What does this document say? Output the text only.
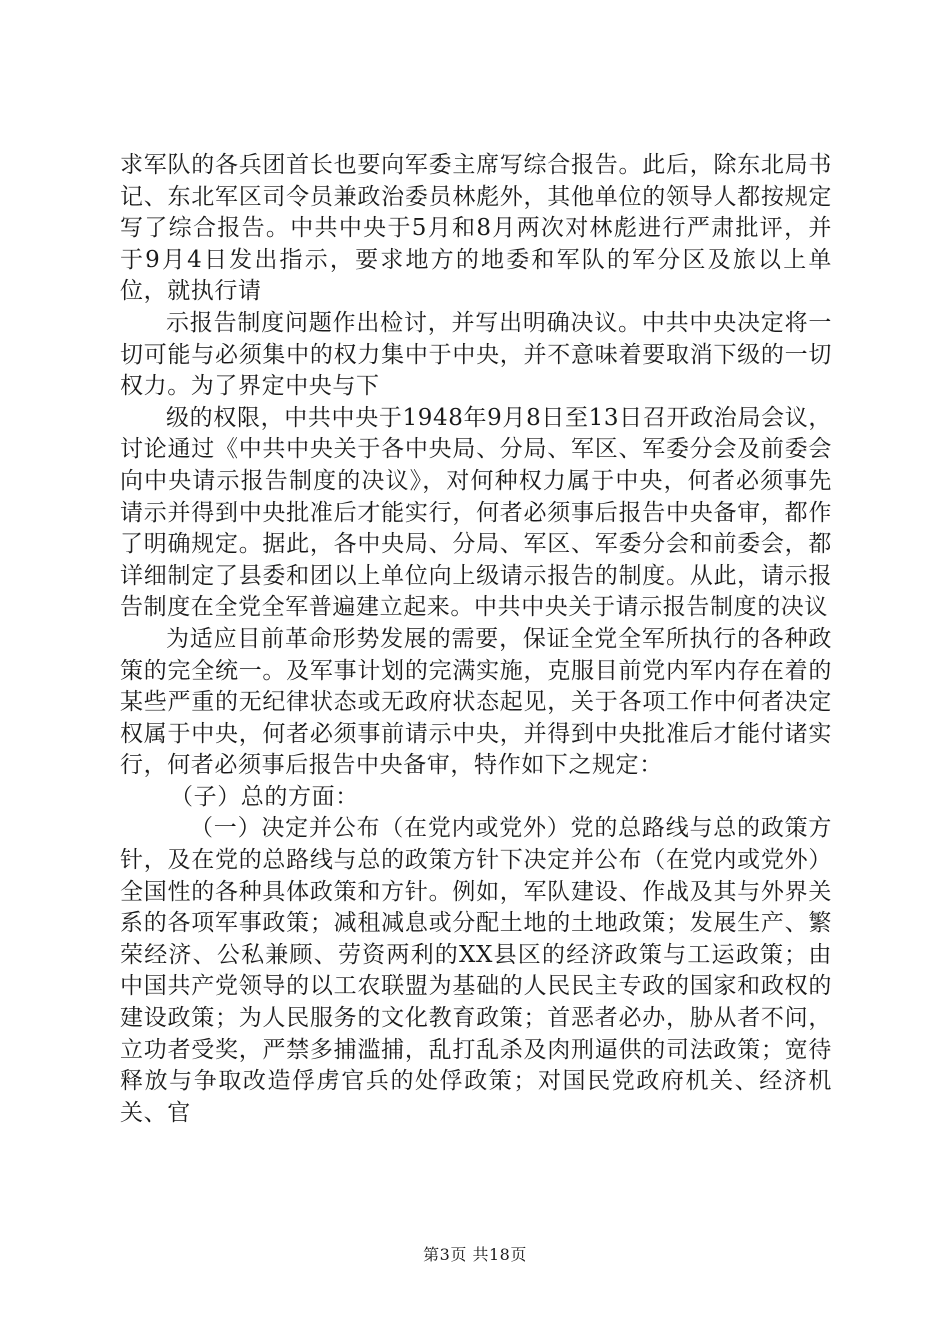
求军队的各兵团首长也要向军委主席写综合报告。此后，除东北局书记、东北军区司令员兼政治委员林彪外，其他单位的领导人都按规定写了综合报告。中共中央于5月和8月两次对林彪进行严肃批评，并于9月4日发出指示，要求地方的地委和军队的军分区及旅以上单位，就执行请

示报告制度问题作出检讨，并写出明确决议。中共中央决定将一切可能与必须集中的权力集中于中央，并不意味着要取消下级的一切权力。为了界定中央与下

级的权限，中共中央于1948年9月8日至13日召开政治局会议，讨论通过《中共中央关于各中央局、分局、军区、军委分会及前委会向中央请示报告制度的决议》，对何种权力属于中央，何者必须事先请示并得到中央批准后才能实行，何者必须事后报告中央备审，都作了明确规定。据此，各中央局、分局、军区、军委分会和前委会，都详细制定了县委和团以上单位向上级请示报告的制度。从此，请示报告制度在全党全军普遍建立起来。中共中央关于请示报告制度的决议

为适应目前革命形势发展的需要，保证全党全军所执行的各种政策的完全统一。及军事计划的完满实施，克服目前党内军内存在着的某些严重的无纪律状态或无政府状态起见，关于各项工作中何者决定权属于中央，何者必须事前请示中央，并得到中央批准后才能付诸实行，何者必须事后报告中央备审，特作如下之规定：

（子）总的方面：

（一）决定并公布（在党内或党外）党的总路线与总的政策方针，及在党的总路线与总的政策方针下决定并公布（在党内或党外）全国性的各种具体政策和方针。例如，军队建设、作战及其与外界关系的各项军事政策；减租减息或分配土地的土地政策；发展生产、繁荣经济、公私兼顾、劳资两利的XX县区的经济政策与工运政策；由中国共产党领导的以工农联盟为基础的人民民主专政的国家和政权的建设政策；为人民服务的文化教育政策；首恶者必办，胁从者不问，立功者受奖，严禁多捕滥捕，乱打乱杀及肉刑逼供的司法政策；宽待释放与争取改造俘虏官兵的处俘政策；对国民党政府机关、经济机关、官

第3页 共18页
